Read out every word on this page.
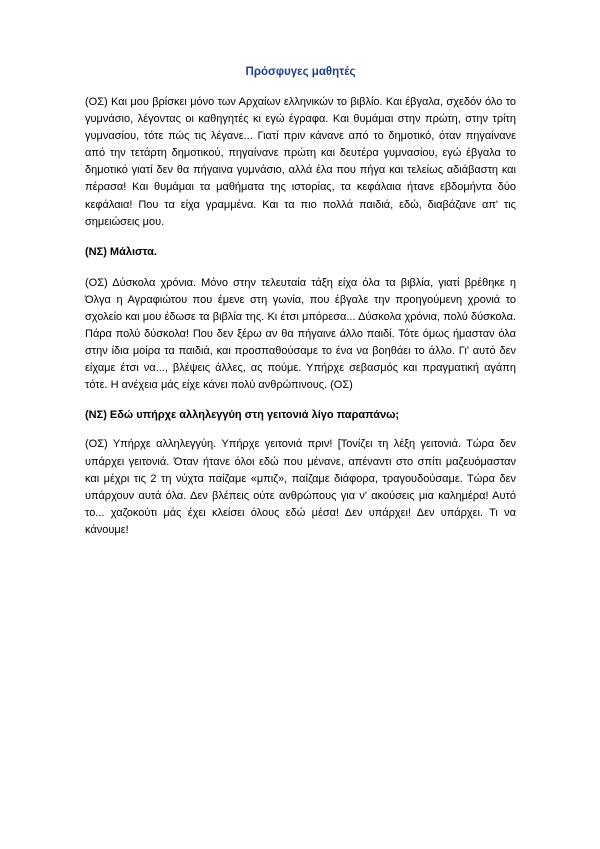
Πρόσφυγες μαθητές

(ΟΣ) Και μου βρίσκει μόνο των Αρχαίων ελληνικών το βιβλίο. Και έβγαλα, σχεδόν όλο το γυμνάσιο, λέγοντας οι καθηγητές κι εγώ έγραφα. Και θυμάμαι στην πρώτη, στην τρίτη γυμνασίου, τότε πώς τις λέγανε... Γιατί πριν κάνανε από το δημοτικό, όταν πηγαίνανε από την τετάρτη δημοτικού, πηγαίνανε πρώτη και δευτέρα γυμνασίου, εγώ έβγαλα το δημοτικό γιατί δεν θα πήγαινα γυμνάσιο, αλλά έλα που πήγα και τελείως αδιάβαστη και πέρασα! Και θυμάμαι τα μαθήματα της ιστορίας, τα κεφάλαια ήτανε εβδομήντα δύο κεφάλαια! Που τα είχα γραμμένα. Και τα πιο πολλά παιδιά, εδώ, διαβάζανε απ' τις σημειώσεις μου.

(ΝΣ) Μάλιστα.

(ΟΣ) Δύσκολα χρόνια. Μόνο στην τελευταία τάξη είχα όλα τα βιβλία, γιατί βρέθηκε η Όλγα η Αγραφιώτου που έμενε στη γωνία, που έβγαλε την προηγούμενη χρονιά το σχολείο και μου έδωσε τα βιβλία της. Κι έτσι μπόρεσα... Δύσκολα χρόνια, πολύ δύσκολα. Πάρα πολύ δύσκολα! Που δεν ξέρω αν θα πήγαινε άλλο παιδί. Τότε όμως ήμασταν όλα στην ίδια μοίρα τα παιδιά, και προσπαθούσαμε το ένα να βοηθάει το άλλο. Γι' αυτό δεν είχαμε έτσι να..., βλέψεις άλλες, ας πούμε. Υπήρχε σεβασμός και πραγματική αγάπη τότε. Η ανέχεια μάς είχε κάνει πολύ ανθρώπινους. (ΟΣ)

(ΝΣ) Εδώ υπήρχε αλληλεγγύη στη γειτονιά λίγο παραπάνω;

(ΟΣ) Υπήρχε αλληλεγγύη. Υπήρχε γειτονιά πριν! [Τονίζει τη λέξη γειτονιά. Τώρα δεν υπάρχει γειτονιά. Όταν ήτανε όλοι εδώ που μένανε, απέναντι στο σπίτι μαζευόμασταν και μέχρι τις 2 τη νύχτα παίζαμε «μπιζ», παίζαμε διάφορα, τραγουδούσαμε. Τώρα δεν υπάρχουν αυτά όλα. Δεν βλέπεις ούτε ανθρώπους για ν' ακούσεις μια καλημέρα! Αυτό το... χαζοκούτι μάς έχει κλείσει όλους εδώ μέσα! Δεν υπάρχει! Δεν υπάρχει. Τι να κάνουμε!
